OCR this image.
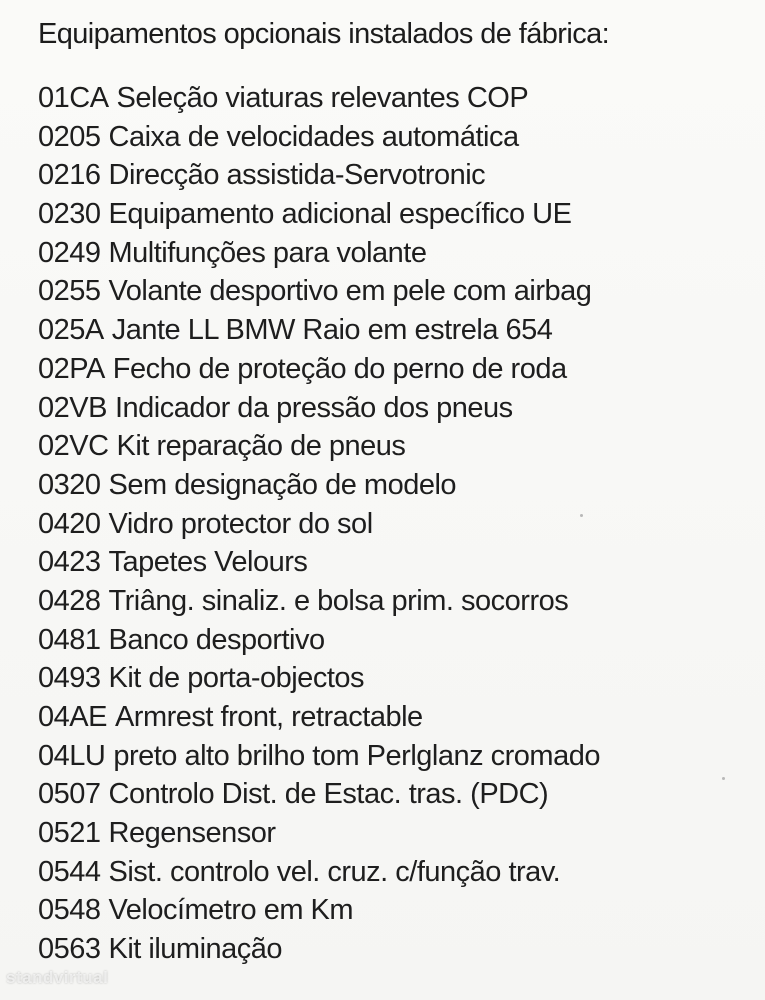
Equipamentos opcionais instalados de fábrica:
01CA Seleção viaturas relevantes COP
0205 Caixa de velocidades automática
0216 Direcção assistida-Servotronic
0230 Equipamento adicional específico UE
0249 Multifunções para volante
0255 Volante desportivo em pele com airbag
025A Jante LL BMW Raio em estrela 654
02PA Fecho de proteção do perno de roda
02VB Indicador da pressão dos pneus
02VC Kit reparação de pneus
0320 Sem designação de modelo
0420 Vidro protector do sol
0423 Tapetes Velours
0428 Triâng. sinaliz. e bolsa prim. socorros
0481 Banco desportivo
0493 Kit de porta-objectos
04AE Armrest front, retractable
04LU preto alto brilho tom Perlglanz cromado
0507 Controlo Dist. de Estac. tras. (PDC)
0521 Regensensor
0544 Sist. controlo vel. cruz. c/função trav.
0548 Velocímetro em Km
0563 Kit iluminação
standvirtual
